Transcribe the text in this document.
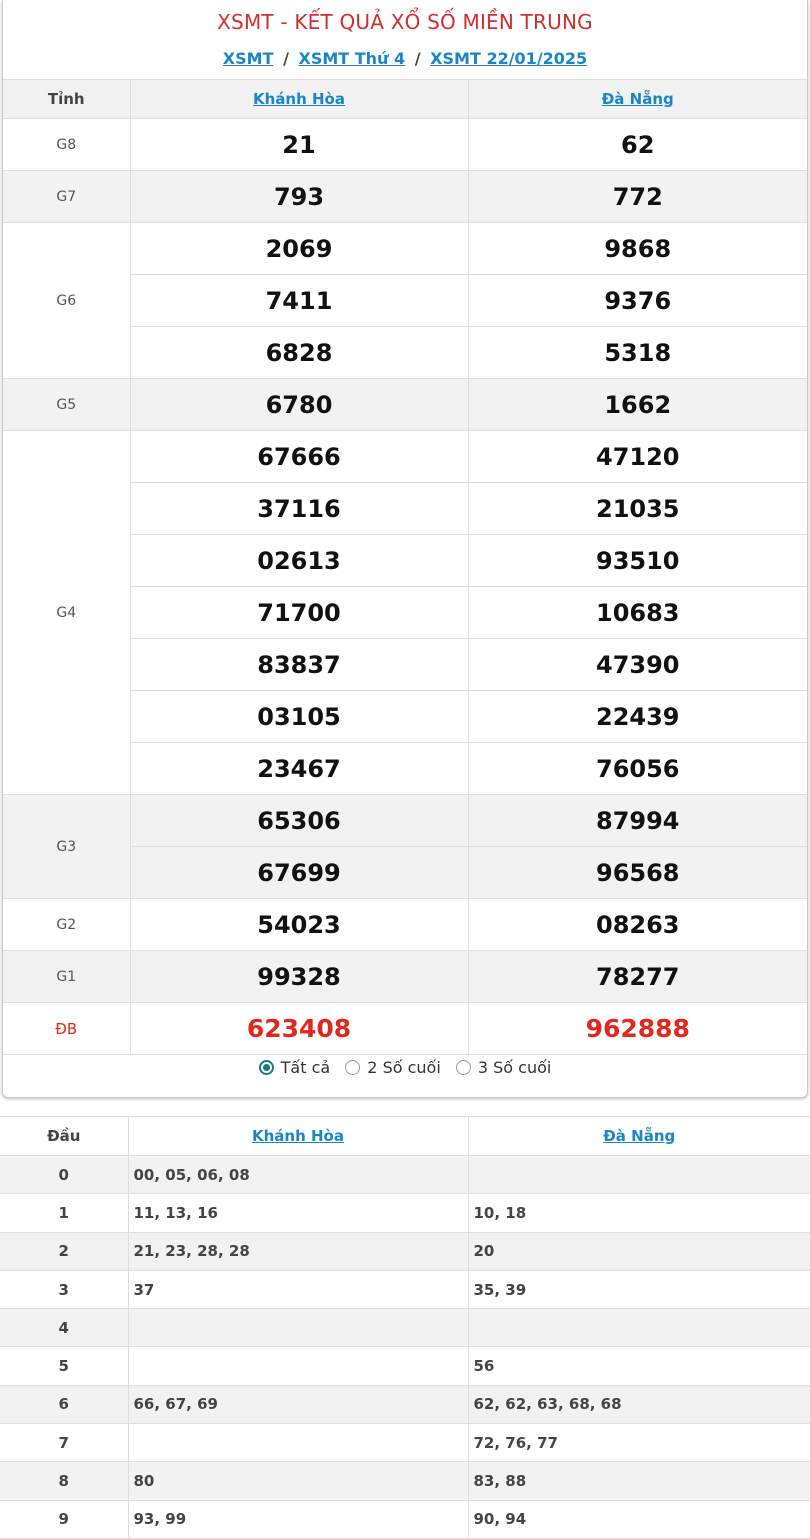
XSMT - KẾT QUẢ XỔ SỐ MIỀN TRUNG
XSMT / XSMT Thứ 4 / XSMT 22/01/2025
Tỉnh	Khánh Hòa	Đà Nẵng
G8	21	62
G7	793	772
G6	2069	9868
	7411	9376
	6828	5318
G5	6780	1662
G4	67666	47120
	37116	21035
	02613	93510
	71700	10683
	83837	47390
	03105	22439
	23467	76056
G3	65306	87994
	67699	96568
G2	54023	08263
G1	99328	78277
ĐB	623408	962888
Tất cả
2 Số cuối
3 Số cuối
Đầu	Khánh Hòa	Đà Nẵng
0	00, 05, 06, 08	
1	11, 13, 16	10, 18
2	21, 23, 28, 28	20
3	37	35, 39
4		
5		56
6	66, 67, 69	62, 62, 63, 68, 68
7		72, 76, 77
8	80	83, 88
9	93, 99	90, 94
